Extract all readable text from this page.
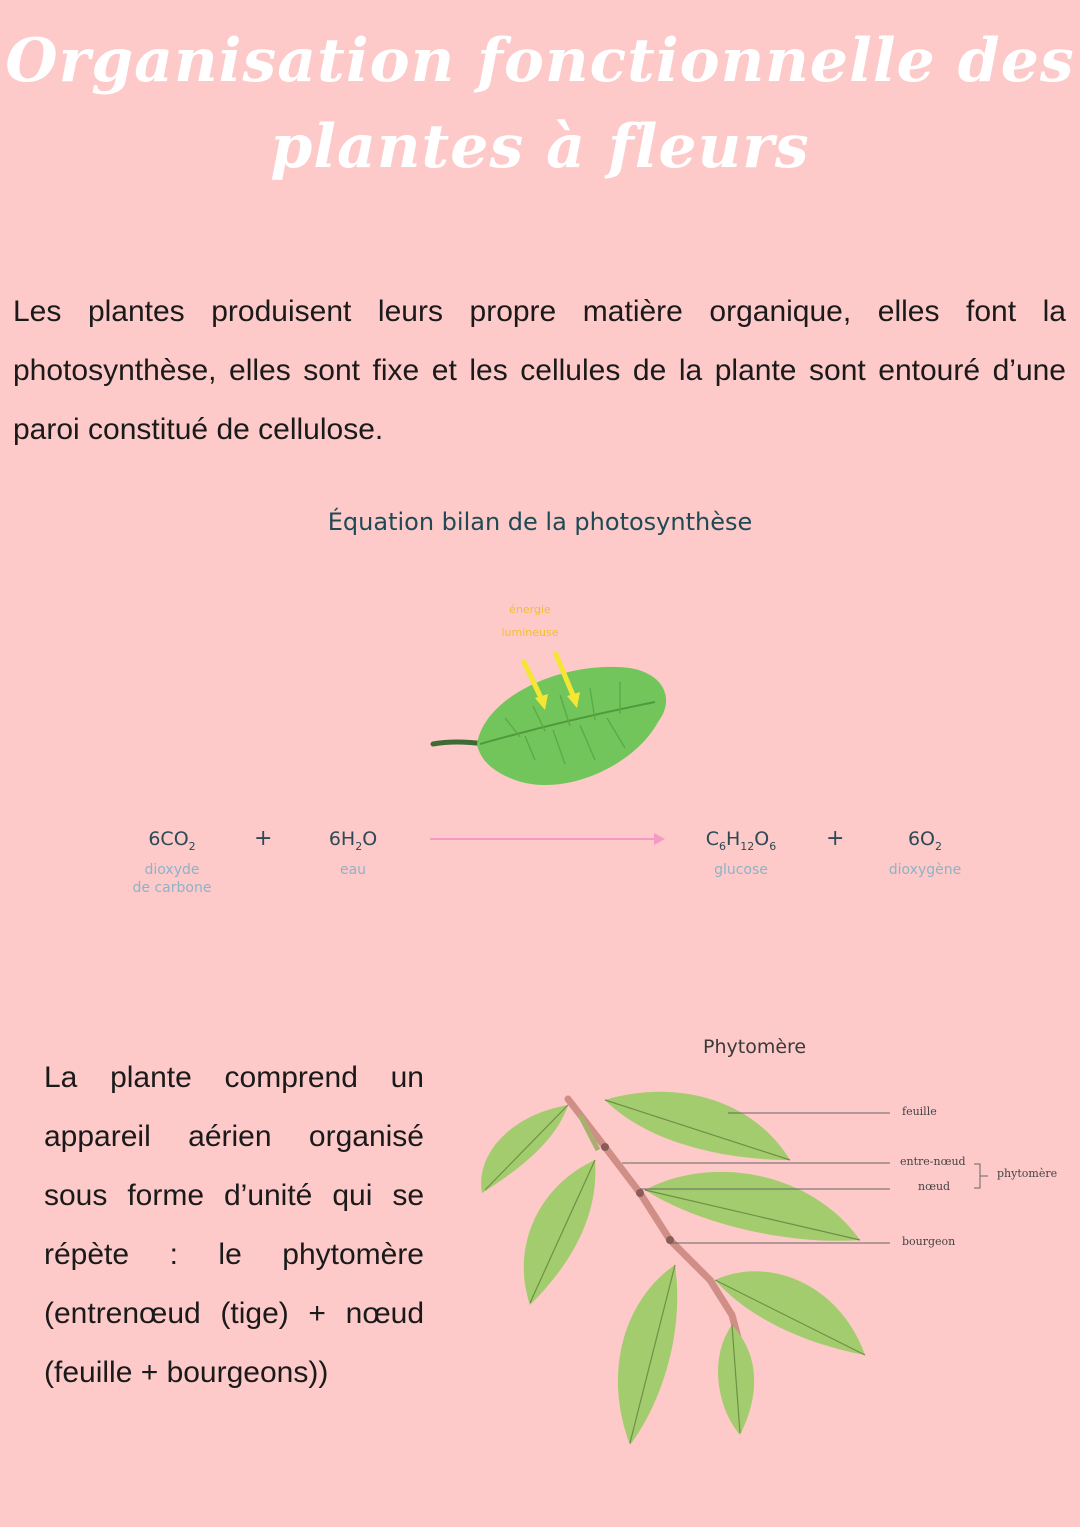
Organisation fonctionnelle des
plantes à fleurs

Les plantes produisent leurs propre matière organique, elles font la photosynthèse, elles sont fixe et les cellules de la plante sont entouré d’une paroi constitué de cellulose.

Équation bilan de la photosynthèse
énergie
lumineuse
$6CO_2$
dioxyde
de carbone
+	$6H_2O$
eau
$C_6H_{12}O_6$
glucose
+	$6O_2$
dioxygène

La plante comprend un appareil aérien organisé sous forme d’unité qui se répète : le phytomère (entrenœud (tige) + nœud (feuille + bourgeons))

Phytomère
feuille
entre-nœud
nœud
bourgeon
phytomère
